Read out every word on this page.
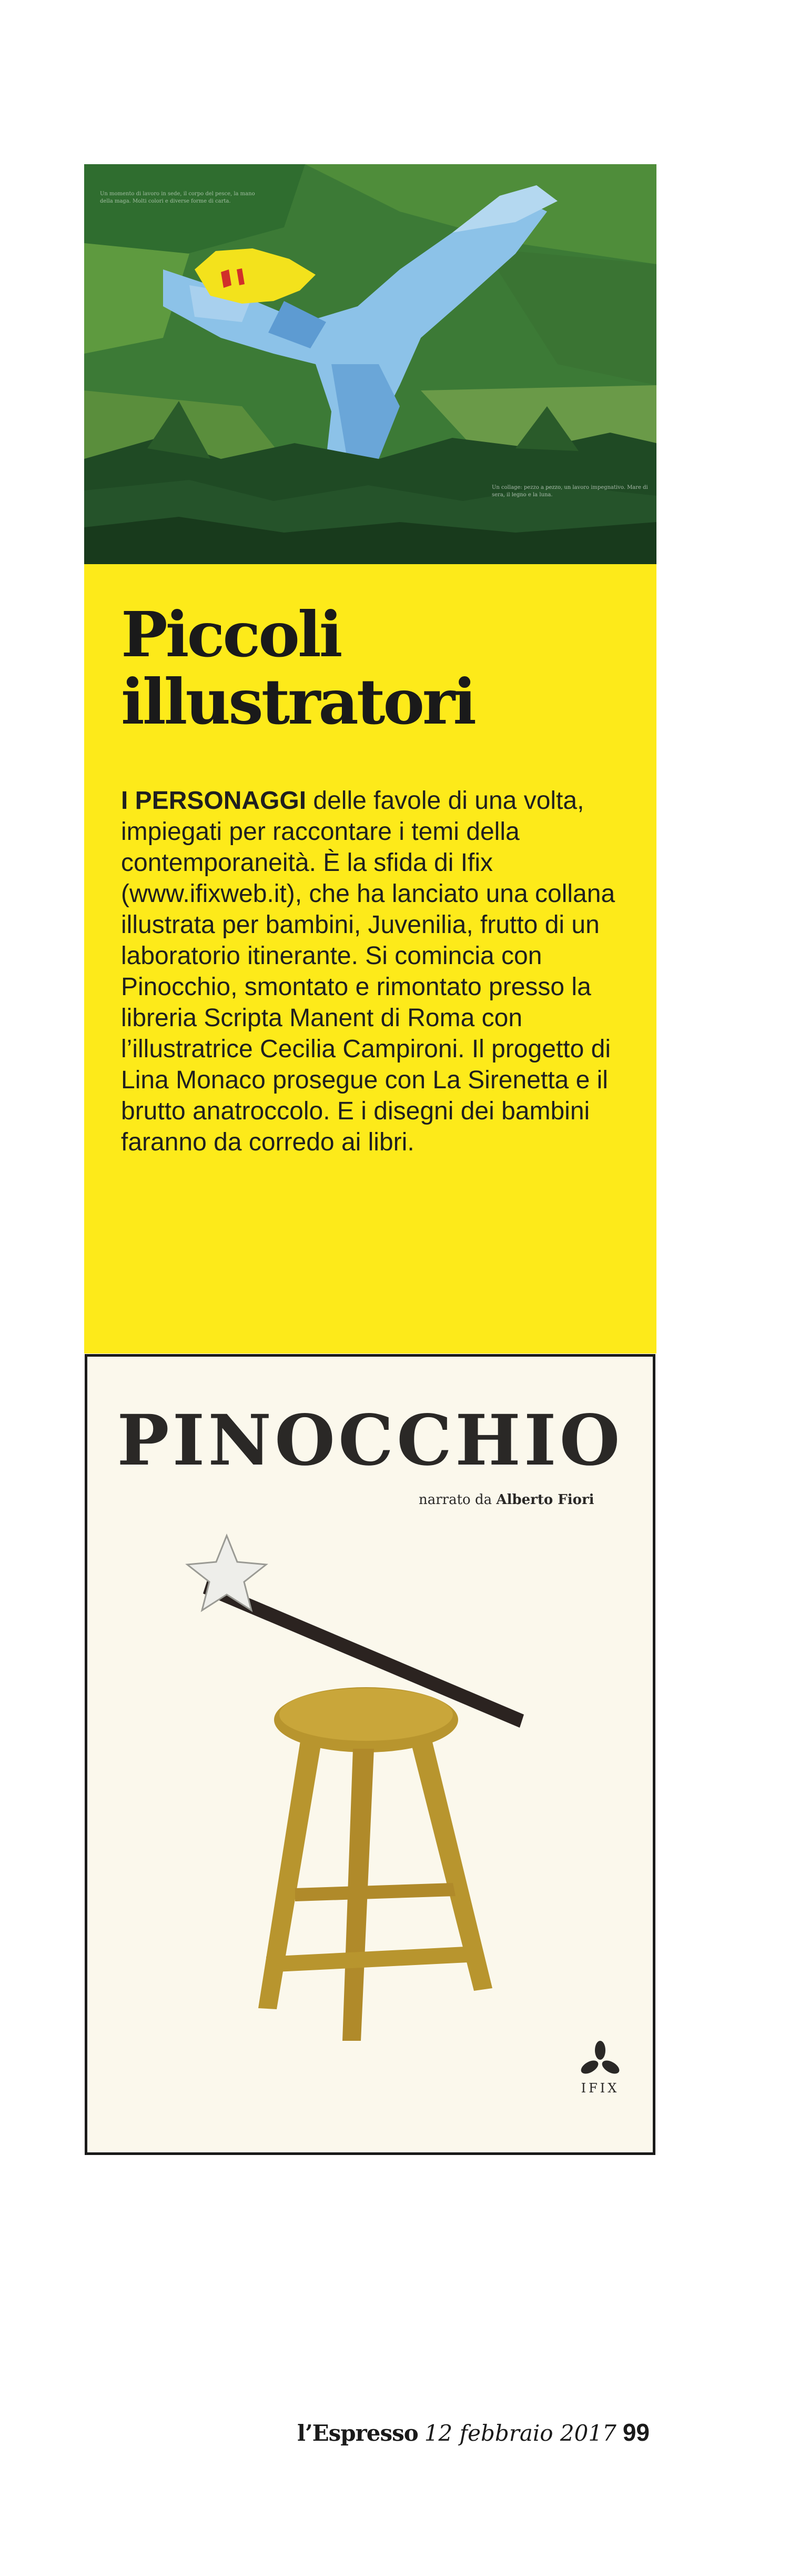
Un momento di lavoro in sede, il corpo del pesce, la mano della maga. Molti colori e diverse forme di carta.
Un collage: pezzo a pezzo, un lavoro impegnativo. Mare di sera, il legno e la luna.
Piccoli
illustratori

I PERSONAGGI delle favole di una volta, impiegati per raccontare i temi della contemporaneità. È la sfida di Ifix (www.ifixweb.it), che ha lanciato una collana illustrata per bambini, Juvenilia, frutto di un laboratorio itinerante. Si comincia con Pinocchio, smontato e rimontato presso la libreria Scripta Manent di Roma con l’illustratrice Cecilia Campironi. Il progetto di Lina Monaco prosegue con La Sirenetta e il brutto anatroccolo. E i disegni dei bambini faranno da corredo ai libri.

PINOCCHIO
narrato da Alberto Fiori
IFIX
l’Espresso 12 febbraio 2017 99
